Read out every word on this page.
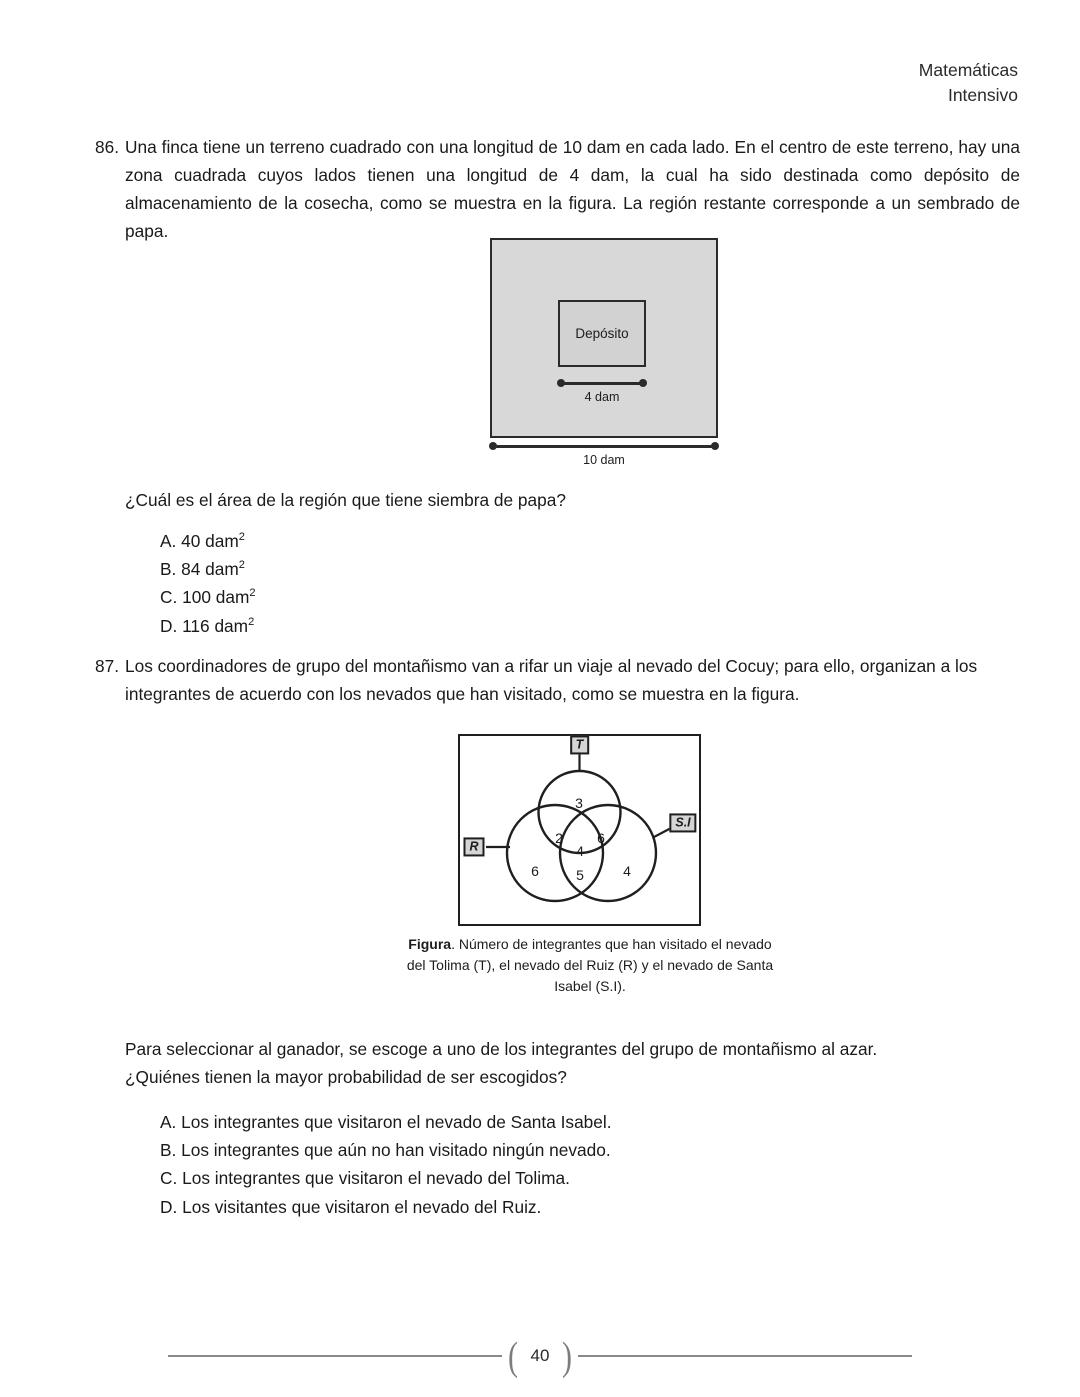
Matemáticas
Intensivo
86. Una finca tiene un terreno cuadrado con una longitud de 10 dam en cada lado. En el centro de este terreno, hay una zona cuadrada cuyos lados tienen una longitud de 4 dam, la cual ha sido destinada como depósito de almacenamiento de la cosecha, como se muestra en la figura. La región restante corresponde a un sembrado de papa.
Depósito
4 dam
10 dam
¿Cuál es el área de la región que tiene siembra de papa?
A. 40 dam$^2$
B. 84 dam$^2$
C. 100 dam$^2$
D. 116 dam$^2$
87. Los coordinadores de grupo del montañismo van a rifar un viaje al nevado del Cocuy; para ello, organizan a los integrantes de acuerdo con los nevados que han visitado, como se muestra en la figura.
3
2 6
4
6	5	4
T
R
S.I
Figura. Número de integrantes que han visitado el nevado del Tolima (T), el nevado del Ruiz (R) y el nevado de Santa Isabel (S.I).
Para seleccionar al ganador, se escoge a uno de los integrantes del grupo de montañismo al azar.
¿Quiénes tienen la mayor probabilidad de ser escogidos?
A. Los integrantes que visitaron el nevado de Santa Isabel.
B. Los integrantes que aún no han visitado ningún nevado.
C. Los integrantes que visitaron el nevado del Tolima.
D. Los visitantes que visitaron el nevado del Ruiz.
( 40 )
